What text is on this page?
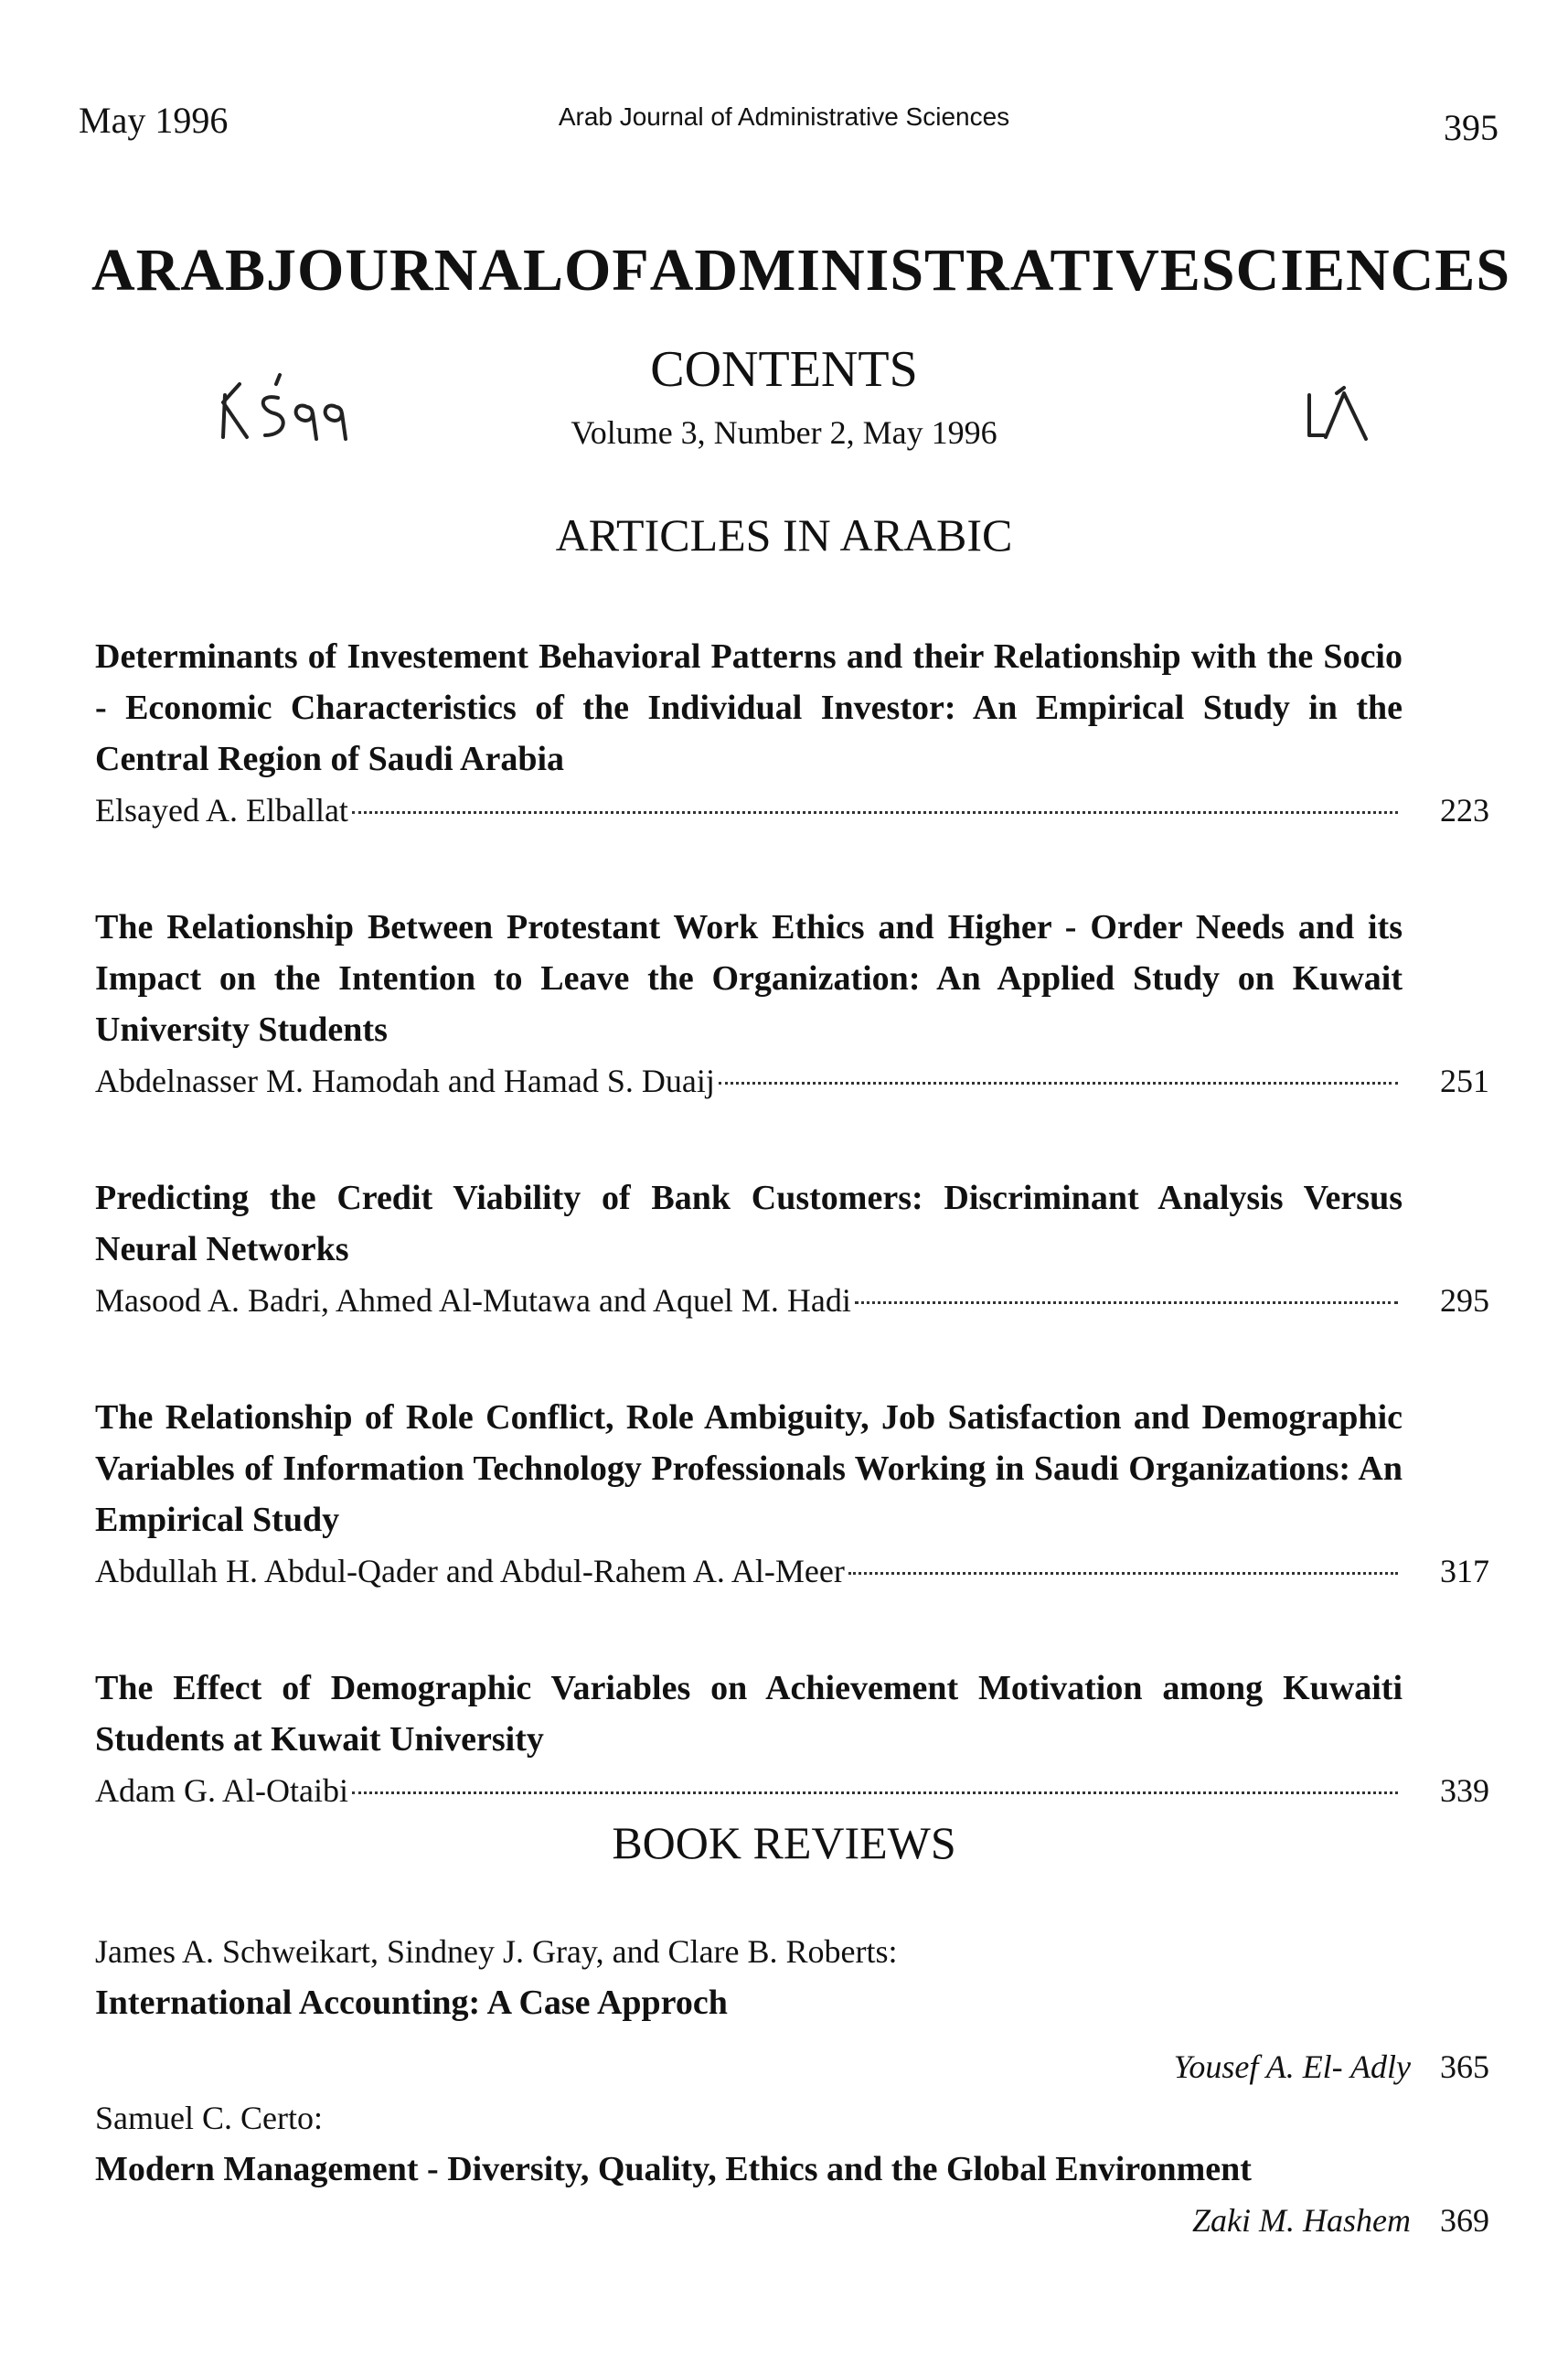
May 1996	Arab Journal of Administrative Sciences	395
ARAB JOURNAL OF ADMINISTRATIVE SCIENCES
CONTENTS
Volume 3, Number 2, May 1996
ARTICLES IN ARABIC

Determinants of Investement Behavioral Patterns and their Relationship with the Socio - Economic Characteristics of the Individual Investor: An Empirical Study in the Central Region of Saudi Arabia

Elsayed A. Elballat	223

The Relationship Between Protestant Work Ethics and Higher - Order Needs and its Impact on the Intention to Leave the Organization: An Applied Study on Kuwait University Students

Abdelnasser M. Hamodah and Hamad S. Duaij	251

Predicting the Credit Viability of Bank Customers: Discriminant Analysis Versus Neural Networks

Masood A. Badri, Ahmed Al-Mutawa and Aquel M. Hadi	295

The Relationship of Role Conflict, Role Ambiguity, Job Satisfaction and Demographic Variables of Information Technology Professionals Working in Saudi Organizations: An Empirical Study

Abdullah H. Abdul-Qader and Abdul-Rahem A. Al-Meer	317

The Effect of Demographic Variables on Achievement Motivation among Kuwaiti Students at Kuwait University

Adam G. Al-Otaibi	339
BOOK REVIEWS
James A. Schweikart, Sindney J. Gray, and Clare B. Roberts:
International Accounting: A Case Approch
Yousef A. El- Adly 365
Samuel C. Certo:
Modern Management - Diversity, Quality, Ethics and the Global Environment
Zaki M. Hashem 369
